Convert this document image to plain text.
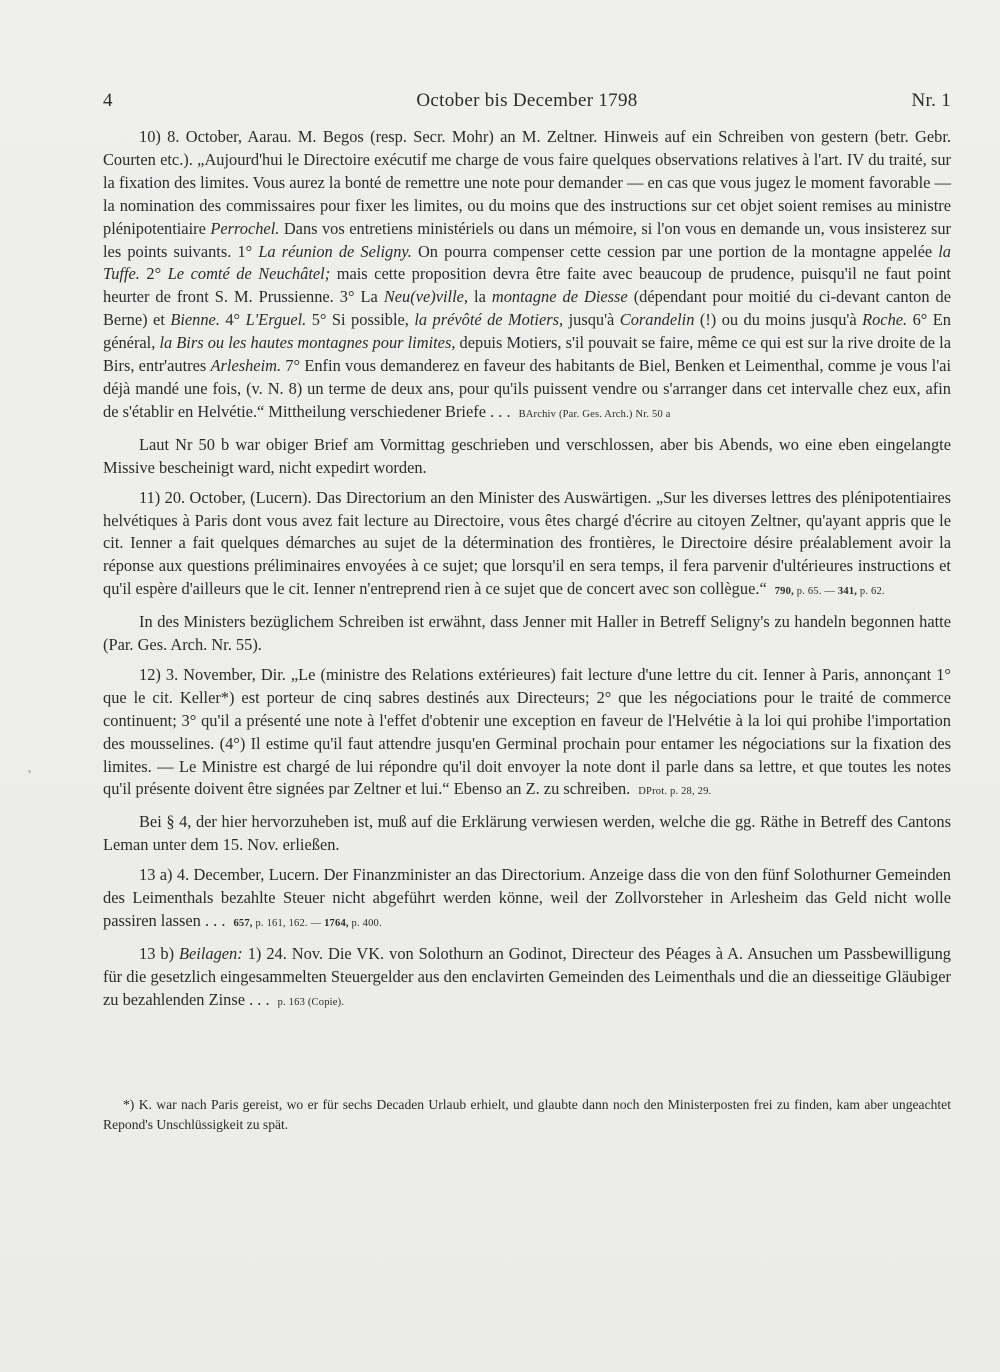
4	October bis December 1798	Nr. 1

10) 8. October, Aarau. M. Begos (resp. Secr. Mohr) an M. Zeltner. Hinweis auf ein Schreiben von gestern (betr. Gebr. Courten etc.). „Aujourd'hui le Directoire exécutif me charge de vous faire quelques observations relatives à l'art. IV du traité, sur la fixation des limites. Vous aurez la bonté de remettre une note pour demander — en cas que vous jugez le moment favorable — la nomination des commissaires pour fixer les limites, ou du moins que des instructions sur cet objet soient remises au ministre plénipotentiaire Perrochel. Dans vos entretiens ministériels ou dans un mémoire, si l'on vous en demande un, vous insisterez sur les points suivants. 1° La réunion de Seligny. On pourra compenser cette cession par une portion de la montagne appelée la Tuffe. 2° Le comté de Neuchâtel; mais cette proposition devra être faite avec beaucoup de prudence, puisqu'il ne faut point heurter de front S. M. Prussienne. 3° La Neu(ve)ville, la montagne de Diesse (dépendant pour moitié du ci-devant canton de Berne) et Bienne. 4° L'Erguel. 5° Si possible, la prévôté de Motiers, jusqu'à Corandelin (!) ou du moins jusqu'à Roche. 6° En général, la Birs ou les hautes montagnes pour limites, depuis Motiers, s'il pouvait se faire, même ce qui est sur la rive droite de la Birs, entr'autres Arlesheim. 7° Enfin vous demanderez en faveur des habitants de Biel, Benken et Leimenthal, comme je vous l'ai déjà mandé une fois, (v. N. 8) un terme de deux ans, pour qu'ils puissent vendre ou s'arranger dans cet intervalle chez eux, afin de s'établir en Helvétie.“ Mittheilung verschiedener Briefe . . . BArchiv (Par. Ges. Arch.) Nr. 50 a

Laut Nr 50 b war obiger Brief am Vormittag geschrieben und verschlossen, aber bis Abends, wo eine eben eingelangte Missive bescheinigt ward, nicht expedirt worden.

11) 20. October, (Lucern). Das Directorium an den Minister des Auswärtigen. „Sur les diverses lettres des plénipotentiaires helvétiques à Paris dont vous avez fait lecture au Directoire, vous êtes chargé d'écrire au citoyen Zeltner, qu'ayant appris que le cit. Ienner a fait quelques démarches au sujet de la détermination des frontières, le Directoire désire préalablement avoir la réponse aux questions préliminaires envoyées à ce sujet; que lorsqu'il en sera temps, il fera parvenir d'ultérieures instructions et qu'il espère d'ailleurs que le cit. Ienner n'entreprend rien à ce sujet que de concert avec son collègue.“ 790, p. 65. — 341, p. 62.

In des Ministers bezüglichem Schreiben ist erwähnt, dass Jenner mit Haller in Betreff Seligny's zu handeln begonnen hatte (Par. Ges. Arch. Nr. 55).

12) 3. November, Dir. „Le (ministre des Relations extérieures) fait lecture d'une lettre du cit. Ienner à Paris, annonçant 1° que le cit. Keller*) est porteur de cinq sabres destinés aux Directeurs; 2° que les négociations pour le traité de commerce continuent; 3° qu'il a présenté une note à l'effet d'obtenir une exception en faveur de l'Helvétie à la loi qui prohibe l'importation des mousselines. (4°) Il estime qu'il faut attendre jusqu'en Germinal prochain pour entamer les négociations sur la fixation des limites. — Le Ministre est chargé de lui répondre qu'il doit envoyer la note dont il parle dans sa lettre, et que toutes les notes qu'il présente doivent être signées par Zeltner et lui.“ Ebenso an Z. zu schreiben. DProt. p. 28, 29.

Bei § 4, der hier hervorzuheben ist, muß auf die Erklärung verwiesen werden, welche die gg. Räthe in Betreff des Cantons Leman unter dem 15. Nov. erließen.

13 a) 4. December, Lucern. Der Finanzminister an das Directorium. Anzeige dass die von den fünf Solothurner Gemeinden des Leimenthals bezahlte Steuer nicht abgeführt werden könne, weil der Zollvorsteher in Arlesheim das Geld nicht wolle passiren lassen . . . 657, p. 161, 162. — 1764, p. 400.

13 b) Beilagen: 1) 24. Nov. Die VK. von Solothurn an Godinot, Directeur des Péages à A. Ansuchen um Passbewilligung für die gesetzlich eingesammelten Steuergelder aus den enclavirten Gemeinden des Leimenthals und die an diesseitige Gläubiger zu bezahlenden Zinse . . . p. 163 (Copie).

*) K. war nach Paris gereist, wo er für sechs Decaden Urlaub erhielt, und glaubte dann noch den Ministerposten frei zu finden, kam aber ungeachtet Repond's Unschlüssigkeit zu spät.
